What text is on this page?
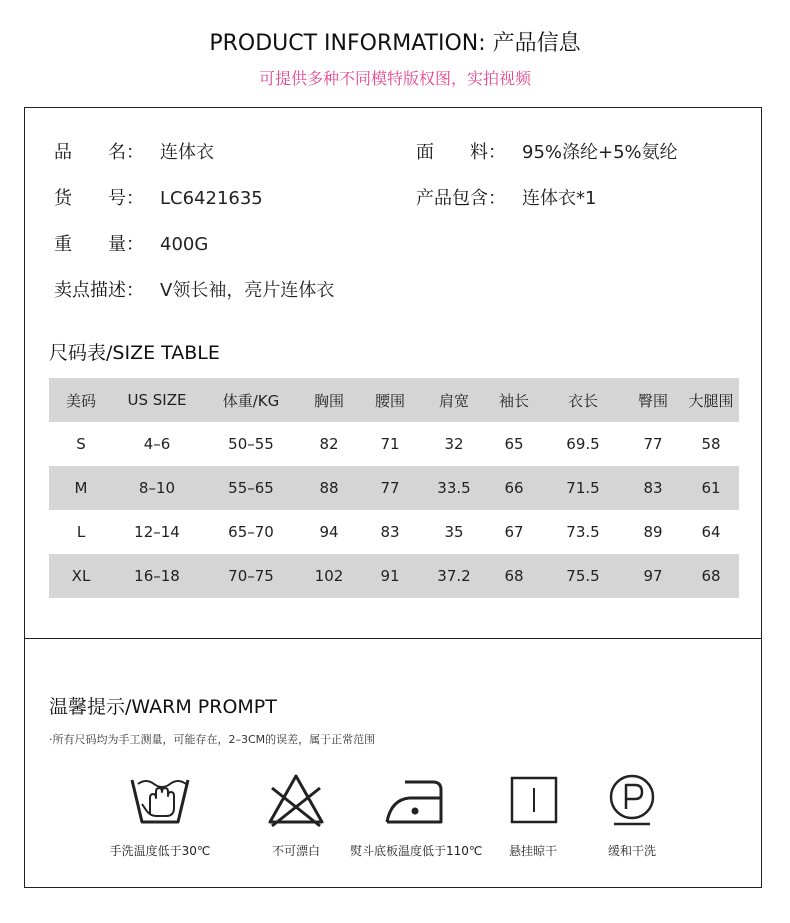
PRODUCT INFORMATION: 产品信息
可提供多种不同模特版权图，实拍视频
品　　名： 连体衣	面　　料： 95%涤纶+5%氨纶
货　　号： LC6421635	产品包含： 连体衣*1
重　　量： 400G
卖点描述： V领长袖，亮片连体衣
尺码表/SIZE TABLE
美码	US SIZE	体重/KG	胸围	腰围	肩宽	袖长	衣长	臀围	大腿围
S	4–6	50–55	82	71	32	65	69.5	77	58
M	8–10	55–65	88	77	33.5	66	71.5	83	61
L	12–14	65–70	94	83	35	67	73.5	89	64
XL	16–18	70–75	102	91	37.2	68	75.5	97	68
温馨提示/WARM PROMPT
·所有尺码均为手工测量，可能存在，2–3CM的误差，属于正常范围
手洗温度低于30℃	不可漂白	熨斗底板温度低于110℃	悬挂晾干	缓和干洗
